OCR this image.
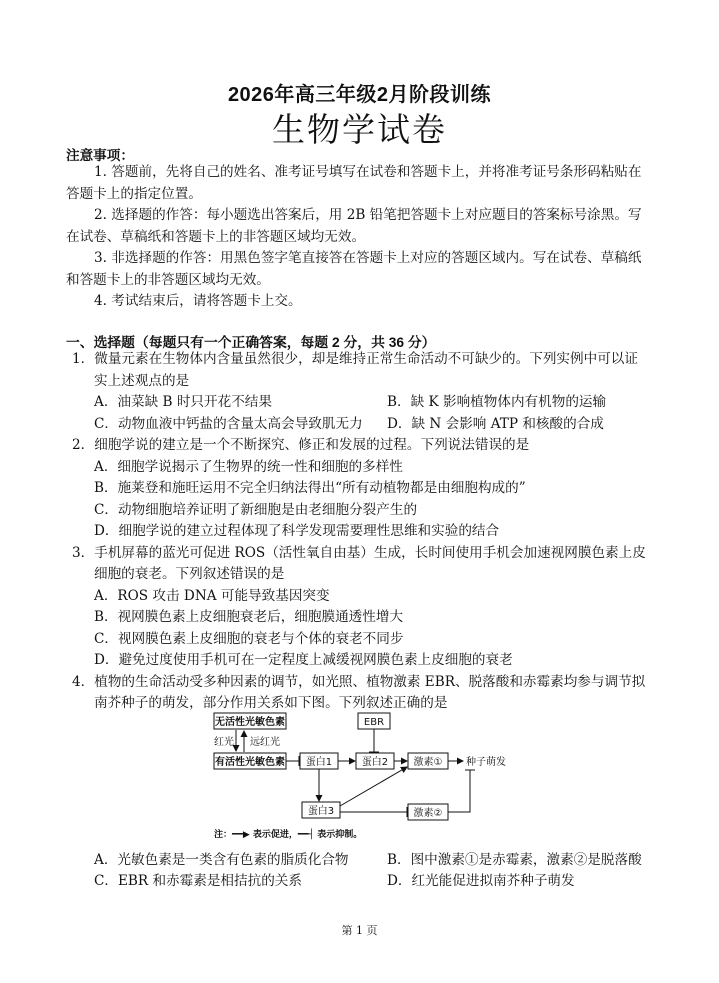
2026年高三年级2月阶段训练
生物学试卷
注意事项：
1. 答题前，先将自己的姓名、准考证号填写在试卷和答题卡上，并将准考证号条形码粘贴在
答题卡上的指定位置。
2. 选择题的作答：每小题选出答案后，用 2B 铅笔把答题卡上对应题目的答案标号涂黑。写
在试卷、草稿纸和答题卡上的非答题区域均无效。
3. 非选择题的作答：用黑色签字笔直接答在答题卡上对应的答题区域内。写在试卷、草稿纸
和答题卡上的非答题区域均无效。
4. 考试结束后，请将答题卡上交。
一、选择题（每题只有一个正确答案，每题 2 分，共 36 分）
1．微量元素在生物体内含量虽然很少，却是维持正常生命活动不可缺少的。下列实例中可以证
实上述观点的是
A．油菜缺 B 时只开花不结果	B．缺 K 影响植物体内有机物的运输
C．动物血液中钙盐的含量太高会导致肌无力 D．缺 N 会影响 ATP 和核酸的合成
2．细胞学说的建立是一个不断探究、修正和发展的过程。下列说法错误的是
A．细胞学说揭示了生物界的统一性和细胞的多样性
B．施莱登和施旺运用不完全归纳法得出“所有动植物都是由细胞构成的”
C．动物细胞培养证明了新细胞是由老细胞分裂产生的
D．细胞学说的建立过程体现了科学发现需要理性思维和实验的结合
3．手机屏幕的蓝光可促进 ROS（活性氧自由基）生成，长时间使用手机会加速视网膜色素上皮
细胞的衰老。下列叙述错误的是
A．ROS 攻击 DNA 可能导致基因突变
B．视网膜色素上皮细胞衰老后，细胞膜通透性增大
C．视网膜色素上皮细胞的衰老与个体的衰老不同步
D．避免过度使用手机可在一定程度上减缓视网膜色素上皮细胞的衰老
4．植物的生命活动受多种因素的调节，如光照、植物激素 EBR、脱落酸和赤霉素均参与调节拟
南芥种子的萌发，部分作用关系如下图。下列叙述正确的是
无活性光敏色素
有活性光敏色素
红光 远红光
EBR
蛋白1	蛋白2	激素① 种子萌发
蛋白3	激素②
注：━━▶ 表示促进，━━┤ 表示抑制。
A．光敏色素是一类含有色素的脂质化合物	B．图中激素①是赤霉素，激素②是脱落酸
C．EBR 和赤霉素是相拮抗的关系	D．红光能促进拟南芥种子萌发
第 1 页
